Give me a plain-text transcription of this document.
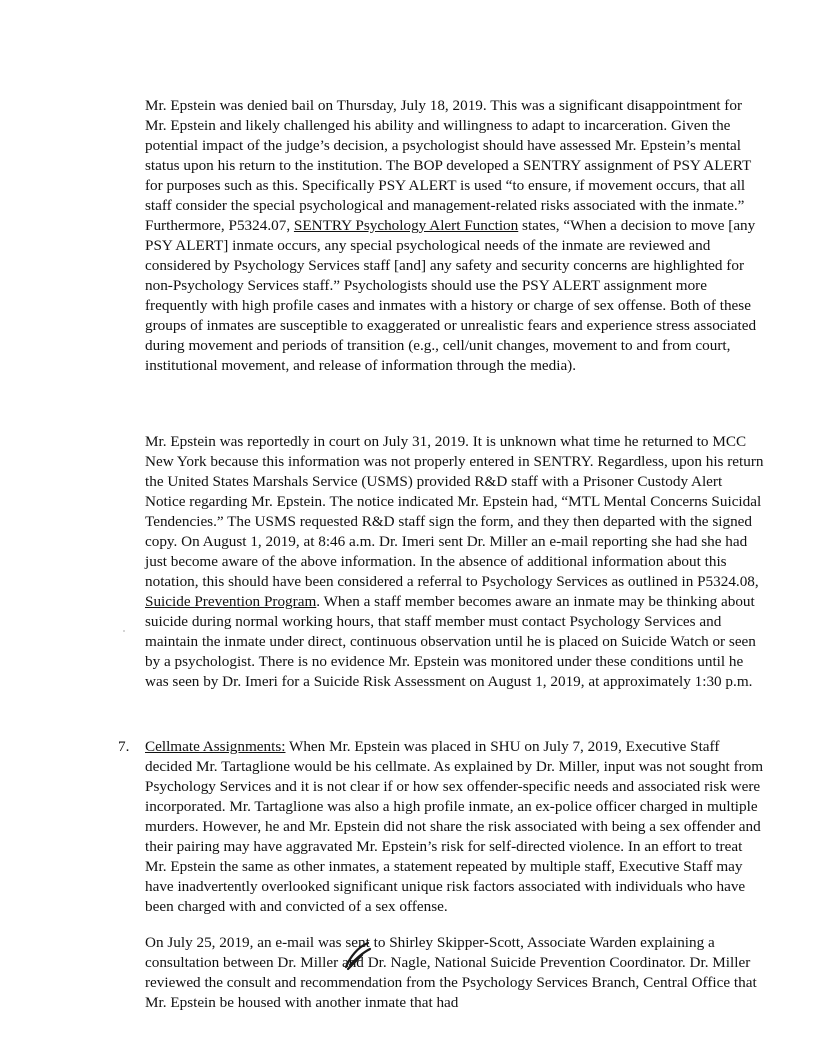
Mr. Epstein was denied bail on Thursday, July 18, 2019. This was a significant disappointment for Mr. Epstein and likely challenged his ability and willingness to adapt to incarceration. Given the potential impact of the judge’s decision, a psychologist should have assessed Mr. Epstein’s mental status upon his return to the institution. The BOP developed a SENTRY assignment of PSY ALERT for purposes such as this. Specifically PSY ALERT is used “to ensure, if movement occurs, that all staff consider the special psychological and management-related risks associated with the inmate.” Furthermore, P5324.07, SENTRY Psychology Alert Function states, “When a decision to move [any PSY ALERT] inmate occurs, any special psychological needs of the inmate are reviewed and considered by Psychology Services staff [and] any safety and security concerns are highlighted for non-Psychology Services staff.” Psychologists should use the PSY ALERT assignment more frequently with high profile cases and inmates with a history or charge of sex offense. Both of these groups of inmates are susceptible to exaggerated or unrealistic fears and experience stress associated during movement and periods of transition (e.g., cell/unit changes, movement to and from court, institutional movement, and release of information through the media).

Mr. Epstein was reportedly in court on July 31, 2019. It is unknown what time he returned to MCC New York because this information was not properly entered in SENTRY. Regardless, upon his return the United States Marshals Service (USMS) provided R&D staff with a Prisoner Custody Alert Notice regarding Mr. Epstein. The notice indicated Mr. Epstein had, “MTL Mental Concerns Suicidal Tendencies.” The USMS requested R&D staff sign the form, and they then departed with the signed copy. On August 1, 2019, at 8:46 a.m. Dr. Imeri sent Dr. Miller an e-mail reporting she had she had just become aware of the above information. In the absence of additional information about this notation, this should have been considered a referral to Psychology Services as outlined in P5324.08, Suicide Prevention Program. When a staff member becomes aware an inmate may be thinking about suicide during normal working hours, that staff member must contact Psychology Services and maintain the inmate under direct, continuous observation until he is placed on Suicide Watch or seen by a psychologist. There is no evidence Mr. Epstein was monitored under these conditions until he was seen by Dr. Imeri for a Suicide Risk Assessment on August 1, 2019, at approximately 1:30 p.m.

7. Cellmate Assignments: When Mr. Epstein was placed in SHU on July 7, 2019, Executive Staff decided Mr. Tartaglione would be his cellmate. As explained by Dr. Miller, input was not sought from Psychology Services and it is not clear if or how sex offender-specific needs and associated risk were incorporated. Mr. Tartaglione was also a high profile inmate, an ex-police officer charged in multiple murders. However, he and Mr. Epstein did not share the risk associated with being a sex offender and their pairing may have aggravated Mr. Epstein’s risk for self-directed violence. In an effort to treat Mr. Epstein the same as other inmates, a statement repeated by multiple staff, Executive Staff may have inadvertently overlooked significant unique risk factors associated with individuals who have been charged with and convicted of a sex offense.

On July 25, 2019, an e-mail was sent to Shirley Skipper-Scott, Associate Warden explaining a consultation between Dr. Miller and Dr. Nagle, National Suicide Prevention Coordinator. Dr. Miller reviewed the consult and recommendation from the Psychology Services Branch, Central Office that Mr. Epstein be housed with another inmate that had
